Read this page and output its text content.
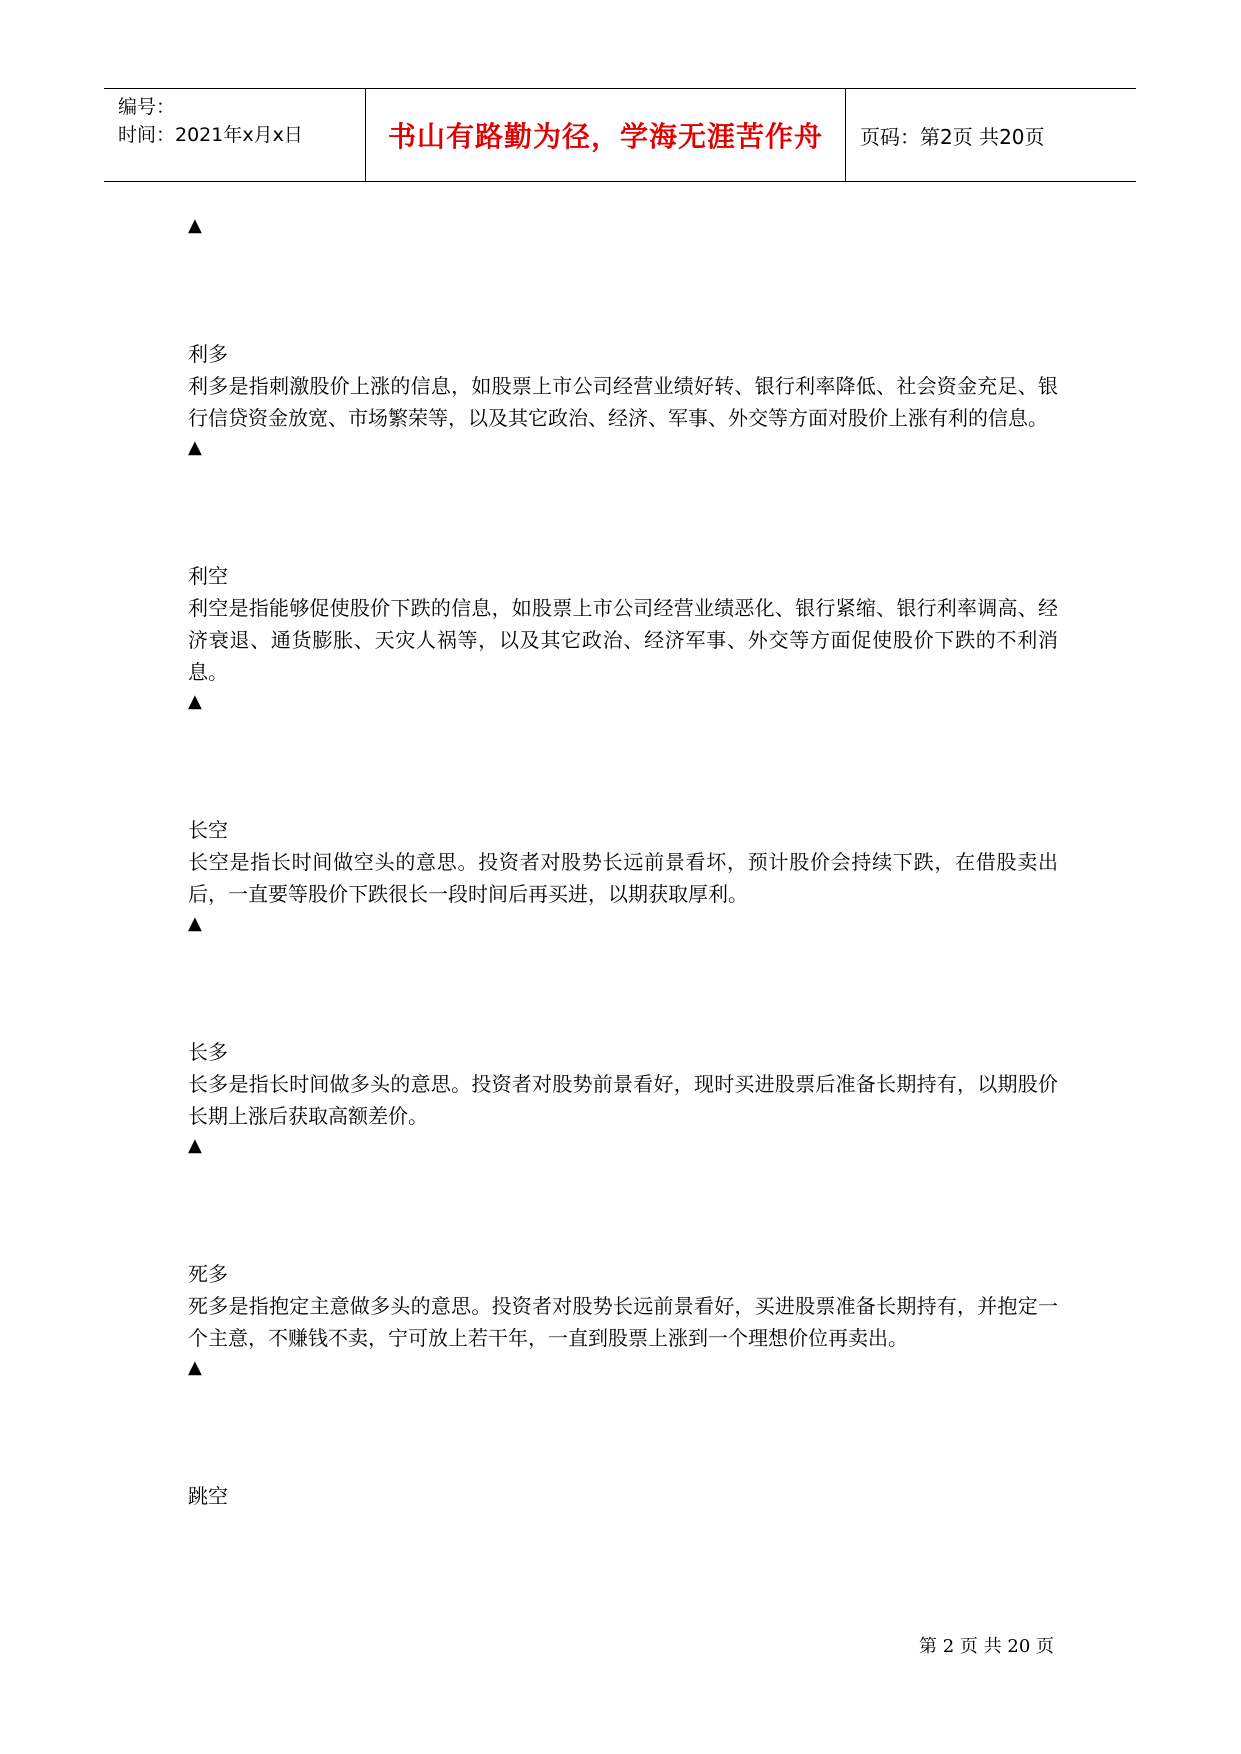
编号：
时间：2021年x月x日	书山有路勤为径，学海无涯苦作舟	页码：第2页 共20页
▲
利多

利多是指刺激股价上涨的信息，如股票上市公司经营业绩好转、银行利率降低、社会资金充足、银行信贷资金放宽、市场繁荣等，以及其它政治、经济、军事、外交等方面对股价上涨有利的信息。

▲
利空

利空是指能够促使股价下跌的信息，如股票上市公司经营业绩恶化、银行紧缩、银行利率调高、经济衰退、通货膨胀、天灾人祸等，以及其它政治、经济军事、外交等方面促使股价下跌的不利消息。

▲
长空

长空是指长时间做空头的意思。投资者对股势长远前景看坏，预计股价会持续下跌，在借股卖出后，一直要等股价下跌很长一段时间后再买进，以期获取厚利。

▲
长多

长多是指长时间做多头的意思。投资者对股势前景看好，现时买进股票后准备长期持有，以期股价长期上涨后获取高额差价。

▲
死多

死多是指抱定主意做多头的意思。投资者对股势长远前景看好，买进股票准备长期持有，并抱定一个主意，不赚钱不卖，宁可放上若干年，一直到股票上涨到一个理想价位再卖出。

▲
跳空
第 2 页 共 20 页
